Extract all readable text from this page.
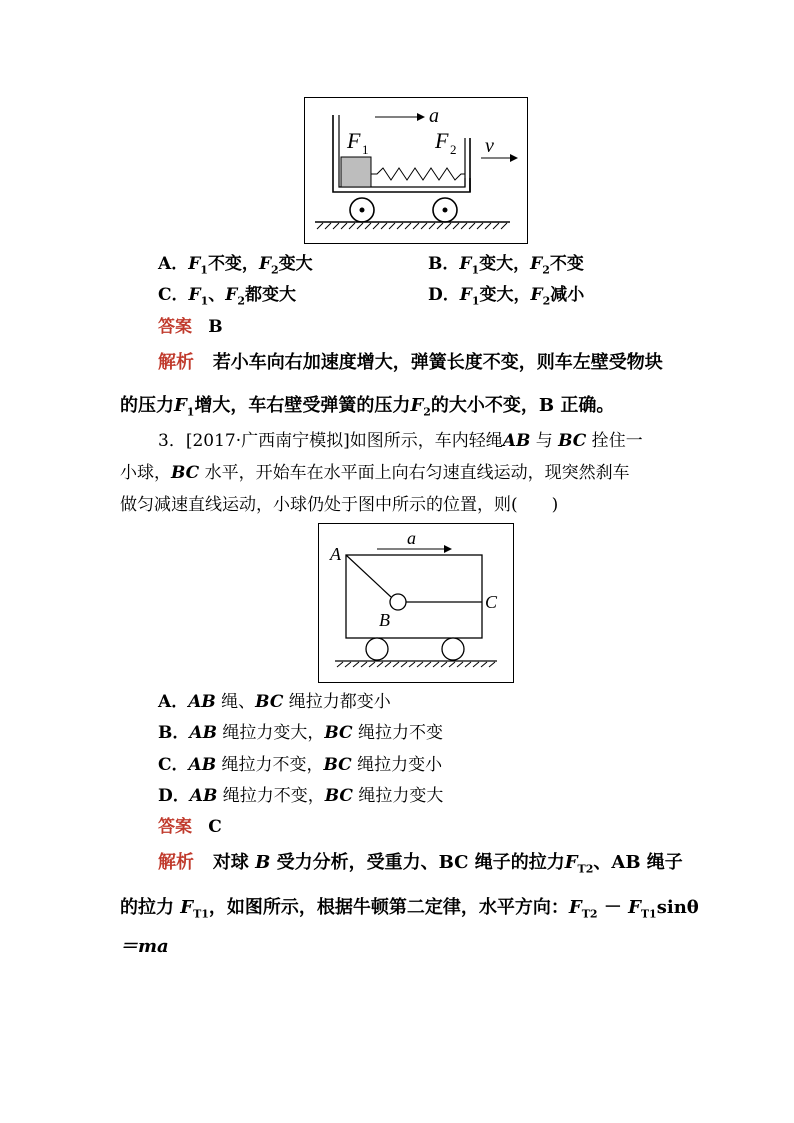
a
F 1	F 2 v
A．$F_1$不变，$F_2$变大	B．$F_1$变大，$F_2$不变
C．$F_1$、$F_2$都变大	D．$F_1$变大，$F_2$减小
答案 B
解析 若小车向右加速度增大，弹簧长度不变，则车左壁受物块
的压力$F_1$增大，车右壁受弹簧的压力$F_2$的大小不变，B 正确。
3．[2017·广西南宁模拟]如图所示，车内轻绳AB 与 BC 拴住一
小球，BC 水平，开始车在水平面上向右匀速直线运动，现突然刹车
做匀减速直线运动，小球仍处于图中所示的位置，则(　　)
a
A
B
C
A．AB 绳、BC 绳拉力都变小
B．AB 绳拉力变大，BC 绳拉力不变
C．AB 绳拉力不变，BC 绳拉力变小
D．AB 绳拉力不变，BC 绳拉力变大
答案 C
解析 对球 B 受力分析，受重力、BC 绳子的拉力$F_{T2}$、AB 绳子
的拉力 $F_{T1}$，如图所示，根据牛顿第二定律，水平方向：$F_{T2} - F_{T1}\sin\theta$
＝ma
